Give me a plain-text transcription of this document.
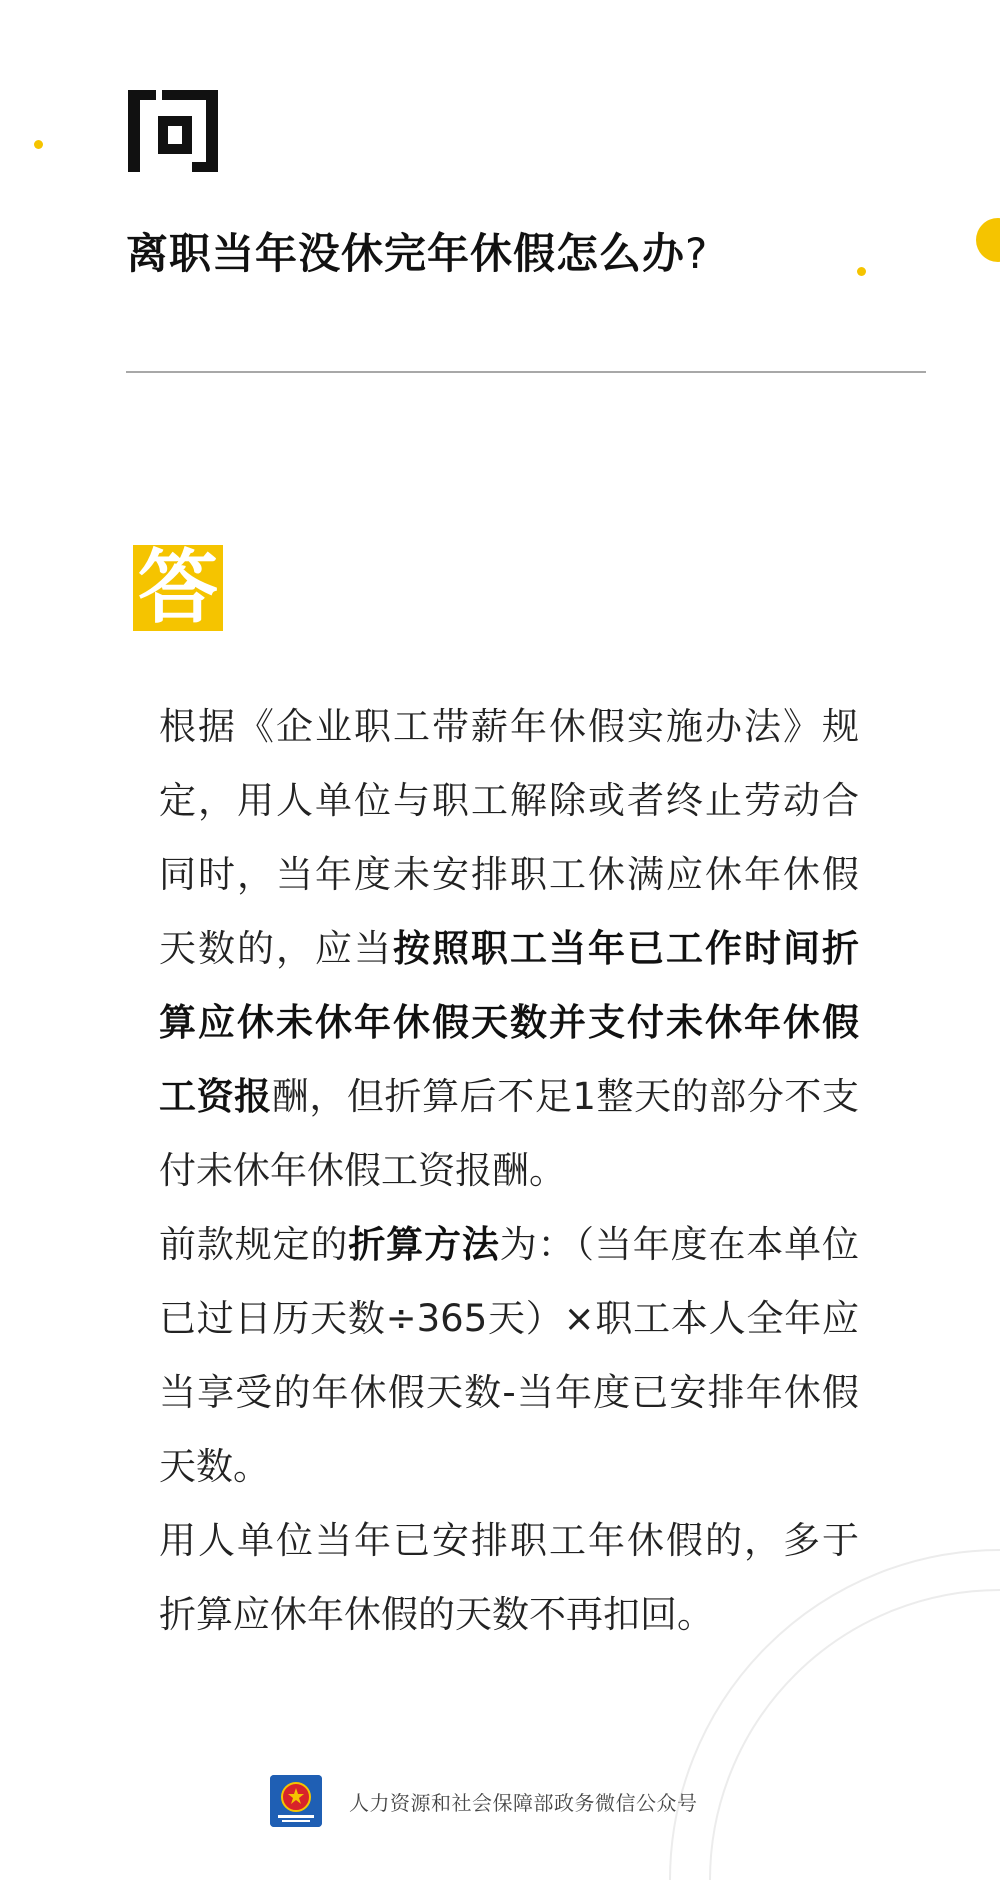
离职当年没休完年休假怎么办?
答

根据《企业职工带薪年休假实施办法》规定，用人单位与职工解除或者终止劳动合同时，当年度未安排职工休满应休年休假天数的，应当按照职工当年已工作时间折算应休未休年休假天数并支付未休年休假工资报酬，但折算后不足1整天的部分不支付未休年休假工资报酬。

前款规定的折算方法为：（当年度在本单位已过日历天数÷365天）×职工本人全年应当享受的年休假天数-当年度已安排年休假天数。

用人单位当年已安排职工年休假的，多于折算应休年休假的天数不再扣回。

人力资源和社会保障部政务微信公众号
